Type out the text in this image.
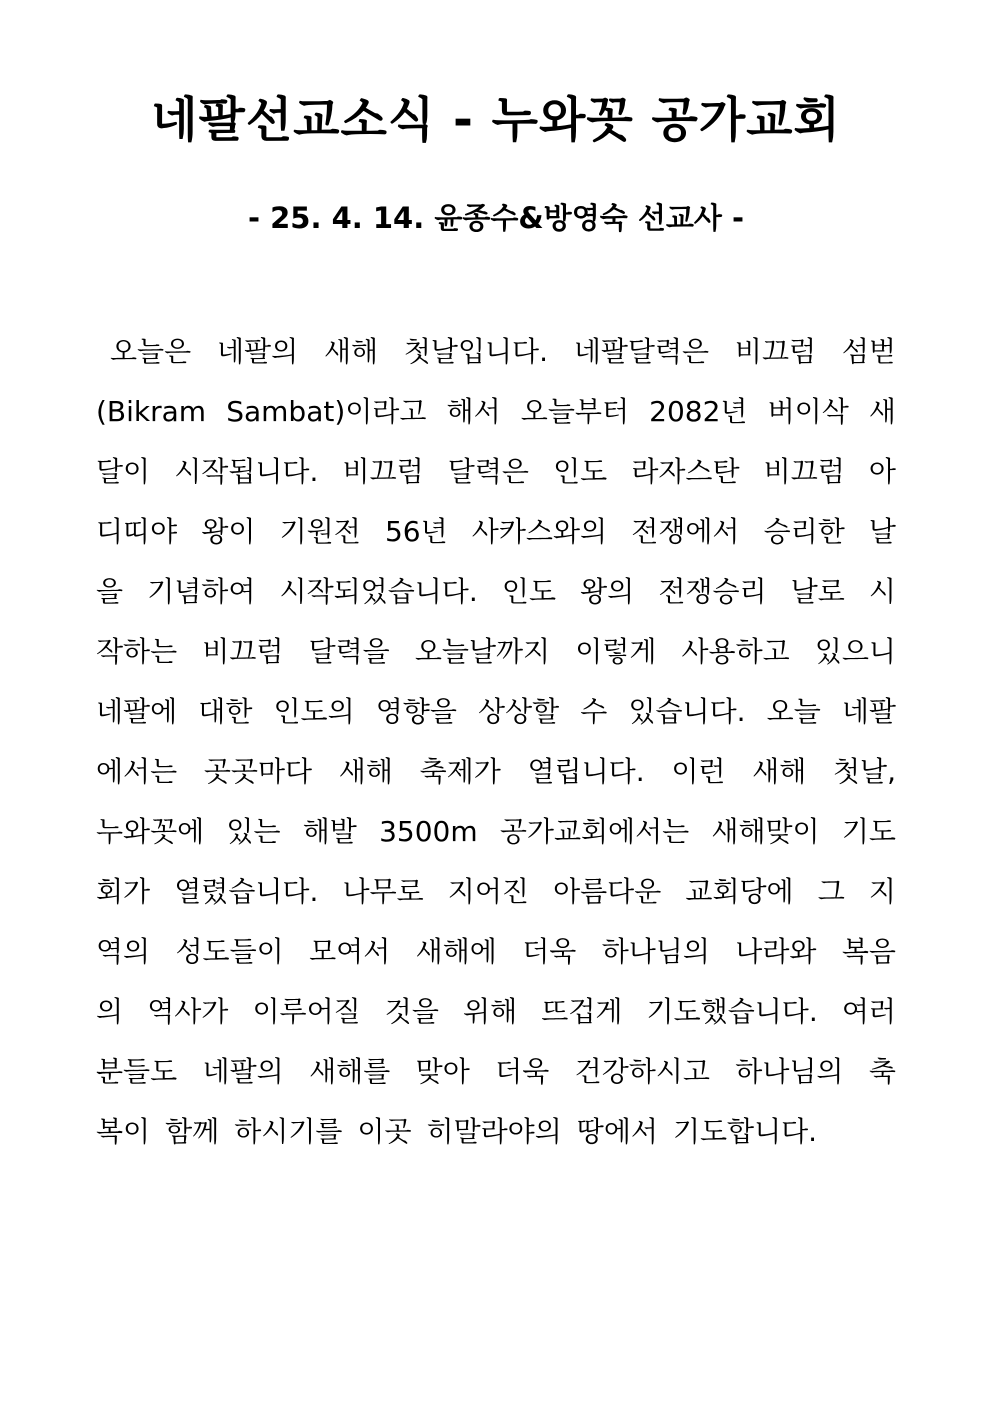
네팔선교소식 - 누와꼿 공가교회
- 25. 4. 14. 윤종수&방영숙 선교사 -
오늘은 네팔의 새해 첫날입니다. 네팔달력은 비끄럼 섬벋
(Bikram Sambat)이라고 해서 오늘부터 2082년 버이삭 새
달이 시작됩니다. 비끄럼 달력은 인도 라자스탄 비끄럼 아
디띠야 왕이 기원전 56년 사카스와의 전쟁에서 승리한 날
을 기념하여 시작되었습니다. 인도 왕의 전쟁승리 날로 시
작하는 비끄럼 달력을 오늘날까지 이렇게 사용하고 있으니
네팔에 대한 인도의 영향을 상상할 수 있습니다. 오늘 네팔
에서는 곳곳마다 새해 축제가 열립니다. 이런 새해 첫날,
누와꼿에 있는 해발 3500m 공가교회에서는 새해맞이 기도
회가 열렸습니다. 나무로 지어진 아름다운 교회당에 그 지
역의 성도들이 모여서 새해에 더욱 하나님의 나라와 복음
의 역사가 이루어질 것을 위해 뜨겁게 기도했습니다. 여러
분들도 네팔의 새해를 맞아 더욱 건강하시고 하나님의 축
복이 함께 하시기를 이곳 히말라야의 땅에서 기도합니다.
